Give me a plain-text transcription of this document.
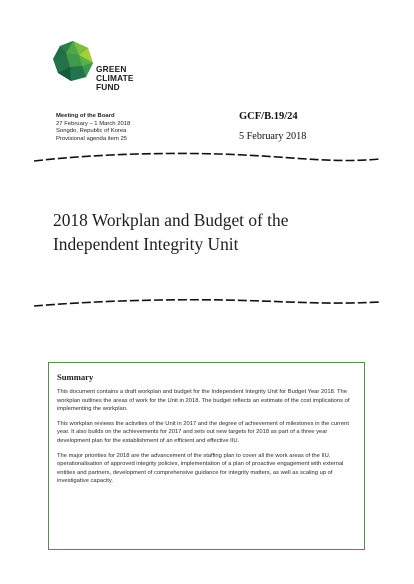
GREEN
CLIMATE
FUND
Meeting of the Board
27 February – 1 March 2018
Songdo, Republic of Korea
Provisional agenda item 25
GCF/B.19/24
5 February 2018
2018 Workplan and Budget of the
Independent Integrity Unit
Summary

This document contains a draft workplan and budget for the Independent Integrity Unit for Budget Year 2018. The workplan outlines the areas of work for the Unit in 2018. The budget reflects an estimate of the cost implications of implementing the workplan.

This workplan reviews the activities of the Unit in 2017 and the degree of achievement of milestones in the current year. It also builds on the achievements for 2017 and sets out new targets for 2018 as part of a three year development plan for the establishment of an efficient and effective IIU.

The major priorities for 2018 are the advancement of the staffing plan to cover all the work areas of the IIU, operationalisation of approved integrity policies, implementation of a plan of proactive engagement with external entities and partners, development of comprehensive guidance for integrity matters, as well as scaling up of investigative capacity.
